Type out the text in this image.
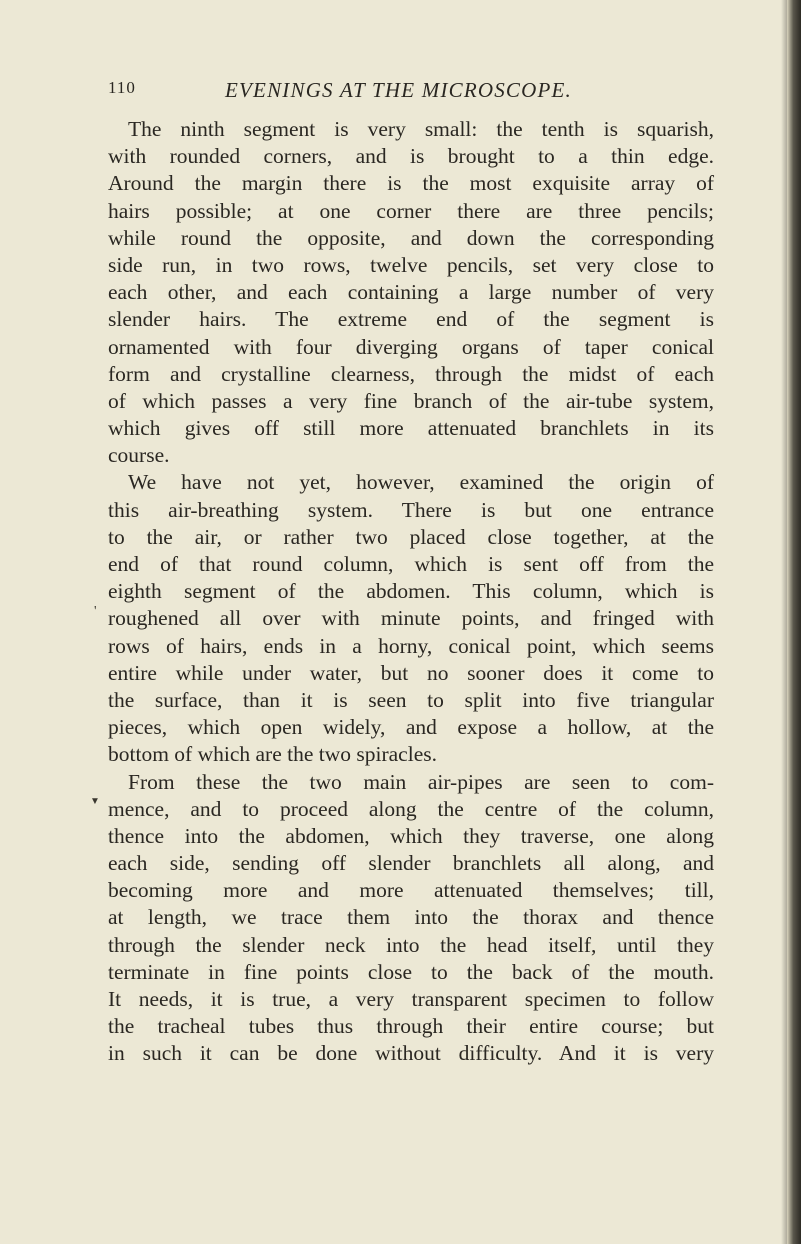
110	EVENINGS AT THE MICROSCOPE.
The ninth segment is very small: the tenth is squarish,
with rounded corners, and is brought to a thin edge.
Around the margin there is the most exquisite array of
hairs possible; at one corner there are three pencils;
while round the opposite, and down the corresponding
side run, in two rows, twelve pencils, set very close to
each other, and each containing a large number of very
slender hairs. The extreme end of the segment is
ornamented with four diverging organs of taper conical
form and crystalline clearness, through the midst of each
of which passes a very fine branch of the air-tube system,
which gives off still more attenuated branchlets in its
course.
We have not yet, however, examined the origin of
this air-breathing system. There is but one entrance
to the air, or rather two placed close together, at the
end of that round column, which is sent off from the
eighth segment of the abdomen. This column, which is
roughened all over with minute points, and fringed with
rows of hairs, ends in a horny, conical point, which seems
entire while under water, but no sooner does it come to
the surface, than it is seen to split into five triangular
pieces, which open widely, and expose a hollow, at the
bottom of which are the two spiracles.
From these the two main air-pipes are seen to com-
mence, and to proceed along the centre of the column,
thence into the abdomen, which they traverse, one along
each side, sending off slender branchlets all along, and
becoming more and more attenuated themselves; till,
at length, we trace them into the thorax and thence
through the slender neck into the head itself, until they
terminate in fine points close to the back of the mouth.
It needs, it is true, a very transparent specimen to follow
the tracheal tubes thus through their entire course; but
in such it can be done without difficulty. And it is very
'
▼
